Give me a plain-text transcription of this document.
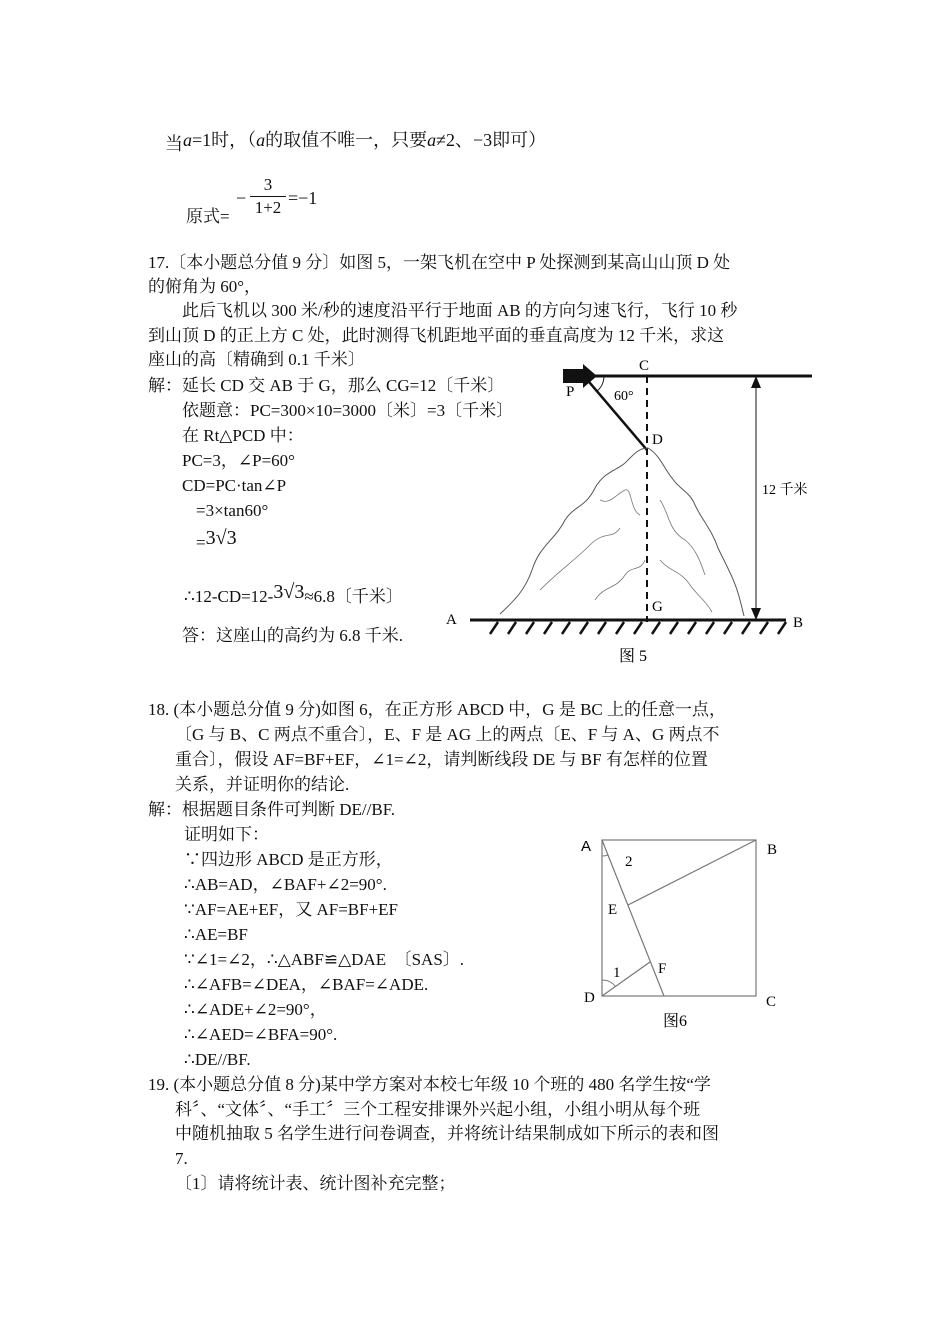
当a=1时，（a的取值不唯一，只要a≠2、−3即可）
原式=
− $\frac{3}{1+2} =-1$
17.〔本小题总分值 9 分〕如图 5，一架飞机在空中 P 处探测到某高山山顶 D 处
的俯角为 60°，
此后飞机以 300 米/秒的速度沿平行于地面 AB 的方向匀速飞行，飞行 10 秒
到山顶 D 的正上方 C 处，此时测得飞机距地平面的垂直高度为 12 千米，求这
座山的高〔精确到 0.1 千米〕
解：延长 CD 交 AB 于 G，那么 CG=12〔千米〕
依题意：PC=300×10=3000〔米〕=3〔千米〕
在 Rt△PCD 中：
PC=3，∠P=60°
CD=PC·tan∠P
=3×tan60°
=3√3
∴12-CD=12-3√3≈6.8〔千米〕
答：这座山的高约为 6.8 千米.
C
P	60°
D
12 千米
G
A	B
图 5
18. (本小题总分值 9 分)如图 6，在正方形 ABCD 中，G 是 BC 上的任意一点，
〔G 与 B、C 两点不重合〕，E、F 是 AG 上的两点〔E、F 与 A、G 两点不
重合〕，假设 AF=BF+EF，∠1=∠2，请判断线段 DE 与 BF 有怎样的位置
关系，并证明你的结论.
解：根据题目条件可判断 DE//BF.
证明如下：
∵四边形 ABCD 是正方形，
∴AB=AD，∠BAF+∠2=90°.
∵AF=AE+EF，又 AF=BF+EF
∴AE=BF
∵∠1=∠2，∴△ABF≌△DAE　〔SAS〕.
∴∠AFB=∠DEA，∠BAF=∠ADE.
∴∠ADE+∠2=90°，
∴∠AED=∠BFA=90°.
∴DE//BF.
A	B
C
D
E
F
1
2
图6
19. (本小题总分值 8 分)某中学方案对本校七年级 10 个班的 480 名学生按“学
科〞、“文体〞、“手工〞三个工程安排课外兴起小组，小组小明从每个班
中随机抽取 5 名学生进行问卷调查，并将统计结果制成如下所示的表和图
7.
〔1〕请将统计表、统计图补充完整；
